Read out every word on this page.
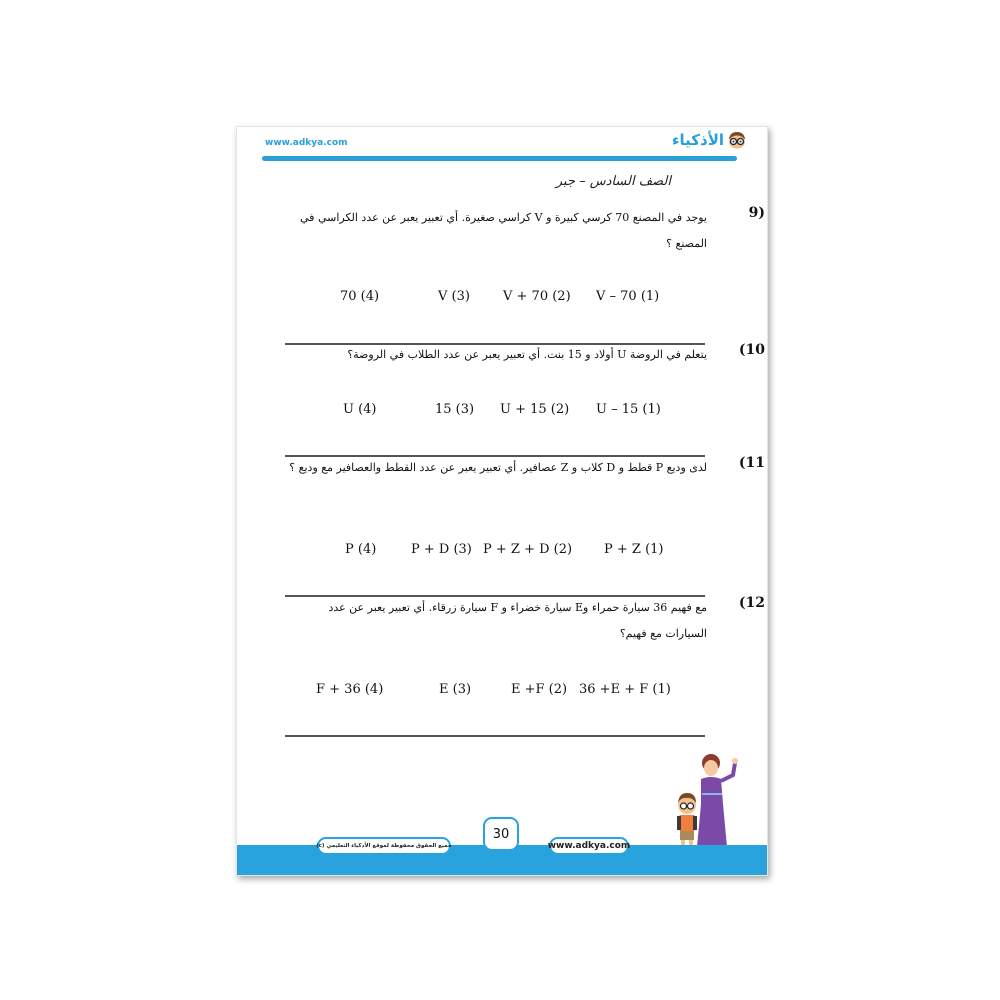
www.adkya.com	الأذكياء
الصف السادس – جبر
9)
يوجد في المصنع 70 كرسي كبيرة و V كراسي صغيرة. أي تعبير يعبر عن عدد الكراسي في المصنع ؟
V – 70 (1)
V + 70 (2)
V (3)
70 (4)
(10
يتعلم في الروضة U أولاد و 15 بنت. أي تعبير يعبر عن عدد الطلاب في الروضة؟
U – 15 (1)
U + 15 (2)
15 (3)
U (4)
(11
لدى وديع P قطط و D كلاب و Z عصافير. أي تعبير يعبر عن عدد القطط والعصافير مع وديع ؟
P + Z (1)
P + Z + D (2)
P + D (3)
P (4)
(12
مع فهيم 36 سيارة حمراء وE سيارة خضراء و F سيارة زرقاء. أي تعبير يعبر عن عدد السيارات مع فهيم؟
36 +E + F (1)
E +F (2)
E (3)
F + 36 (4)
جميع الحقوق محفوظة لموقع الأذكياء التعليمي (c)
30
www.adkya.com
